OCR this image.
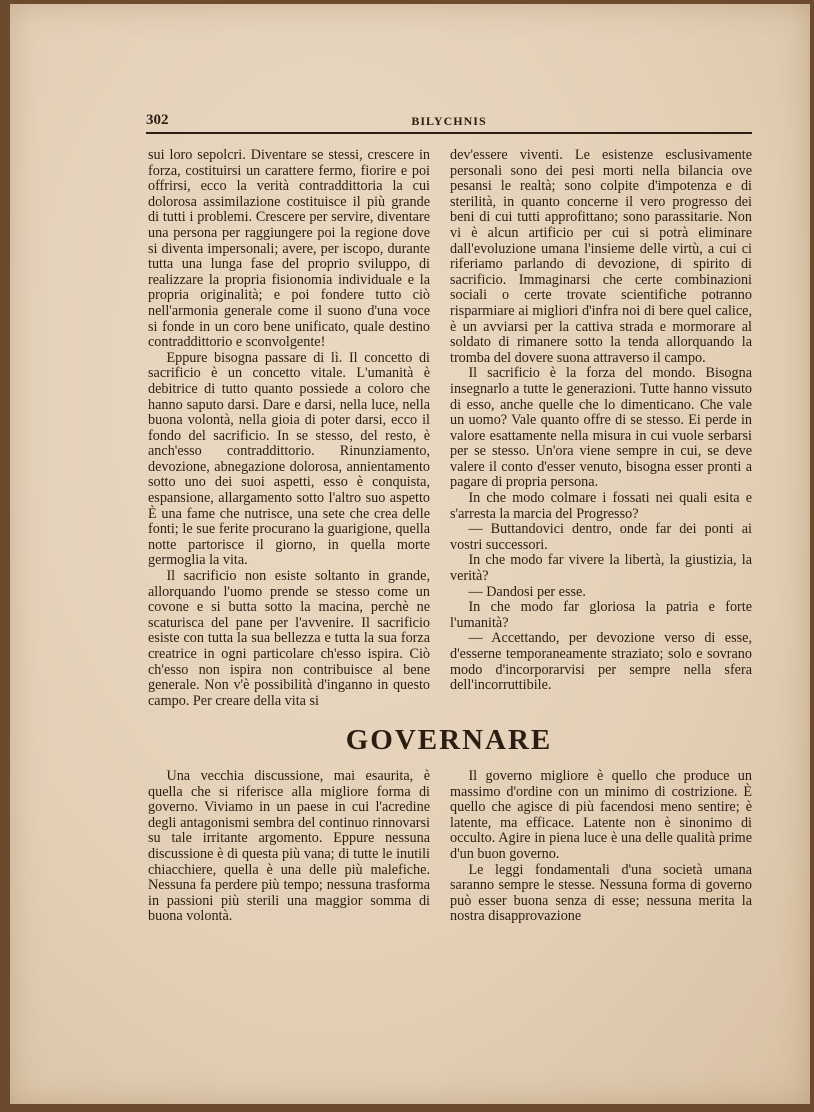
302	BILYCHNIS

sui loro sepolcri. Diventare se stessi, crescere in forza, costituirsi un carattere fermo, fiorire e poi offrirsi, ecco la verità contraddittoria la cui dolorosa assimilazione costituisce il più grande di tutti i problemi. Crescere per servire, diventare una persona per raggiungere poi la regione dove si diventa impersonali; avere, per iscopo, durante tutta una lunga fase del proprio sviluppo, di realizzare la propria fisionomia individuale e la propria originalità; e poi fondere tutto ciò nell'armonia generale come il suono d'una voce si fonde in un coro bene unificato, quale destino contraddittorio e sconvolgente!

Eppure bisogna passare di lì. Il concetto di sacrificio è un concetto vitale. L'umanità è debitrice di tutto quanto possiede a coloro che hanno saputo darsi. Dare e darsi, nella luce, nella buona volontà, nella gioia di poter darsi, ecco il fondo del sacrificio. In se stesso, del resto, è anch'esso contraddittorio. Rinunziamento, devozione, abnegazione dolorosa, annientamento sotto uno dei suoi aspetti, esso è conquista, espansione, allargamento sotto l'altro suo aspetto È una fame che nutrisce, una sete che crea delle fonti; le sue ferite procurano la guarigione, quella notte partorisce il giorno, in quella morte germoglia la vita.

Il sacrificio non esiste soltanto in grande, allorquando l'uomo prende se stesso come un covone e si butta sotto la macina, perchè ne scaturisca del pane per l'avvenire. Il sacrificio esiste con tutta la sua bellezza e tutta la sua forza creatrice in ogni particolare ch'esso ispira. Ciò ch'esso non ispira non contribuisce al bene generale. Non v'è possibilità d'inganno in questo campo. Per creare della vita si

dev'essere viventi. Le esistenze esclusivamente personali sono dei pesi morti nella bilancia ove pesansi le realtà; sono colpite d'impotenza e di sterilità, in quanto concerne il vero progresso dei beni di cui tutti approfittano; sono parassitarie. Non vi è alcun artificio per cui si potrà eliminare dall'evoluzione umana l'insieme delle virtù, a cui ci riferiamo parlando di devozione, di spirito di sacrificio. Immaginarsi che certe combinazioni sociali o certe trovate scientifiche potranno risparmiare ai migliori d'infra noi di bere quel calice, è un avviarsi per la cattiva strada e mormorare al soldato di rimanere sotto la tenda allorquando la tromba del dovere suona attraverso il campo.

Il sacrificio è la forza del mondo. Bisogna insegnarlo a tutte le generazioni. Tutte hanno vissuto di esso, anche quelle che lo dimenticano. Che vale un uomo? Vale quanto offre di se stesso. Ei perde in valore esattamente nella misura in cui vuole serbarsi per se stesso. Un'ora viene sempre in cui, se deve valere il conto d'esser venuto, bisogna esser pronti a pagare di propria persona.

In che modo colmare i fossati nei quali esita e s'arresta la marcia del Progresso?

— Buttandovici dentro, onde far dei ponti ai vostri successori.

In che modo far vivere la libertà, la giustizia, la verità?

— Dandosi per esse.

In che modo far gloriosa la patria e forte l'umanità?

— Accettando, per devozione verso di esse, d'esserne temporaneamente straziato; solo e sovrano modo d'incorporarvisi per sempre nella sfera dell'incorruttibile.

GOVERNARE

Una vecchia discussione, mai esaurita, è quella che si riferisce alla migliore forma di governo. Viviamo in un paese in cui l'acredine degli antagonismi sembra del continuo rinnovarsi su tale irritante argomento. Eppure nessuna discussione è di questa più vana; di tutte le inutili chiacchiere, quella è una delle più malefiche. Nessuna fa perdere più tempo; nessuna trasforma in passioni più sterili una maggior somma di buona volontà.

Il governo migliore è quello che produce un massimo d'ordine con un minimo di costrizione. È quello che agisce di più facendosi meno sentire; è latente, ma efficace. Latente non è sinonimo di occulto. Agire in piena luce è una delle qualità prime d'un buon governo.

Le leggi fondamentali d'una società umana saranno sempre le stesse. Nessuna forma di governo può esser buona senza di esse; nessuna merita la nostra disapprovazione
